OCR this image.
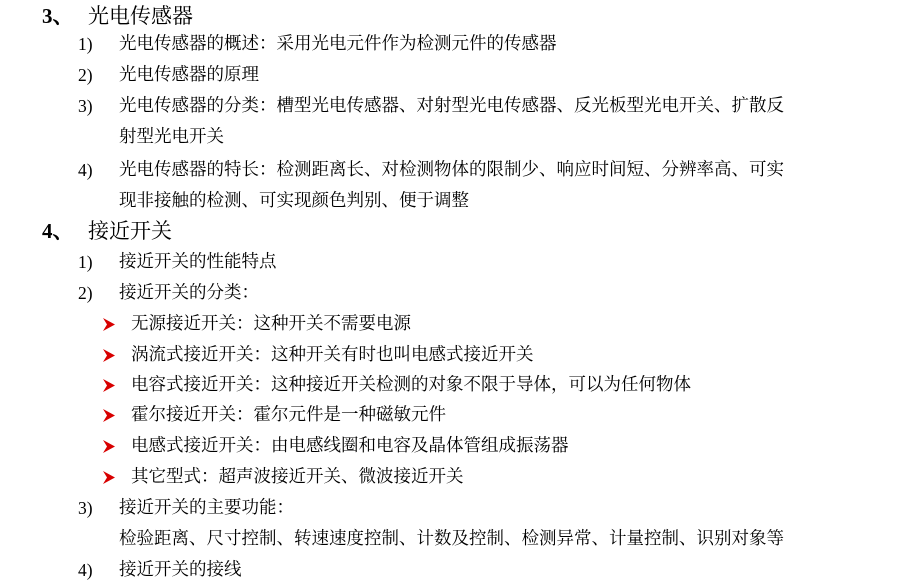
3、 光电传感器
1) 光电传感器的概述：采用光电元件作为检测元件的传感器
2) 光电传感器的原理
3) 光电传感器的分类：槽型光电传感器、对射型光电传感器、反光板型光电开关、扩散反
射型光电开关
4) 光电传感器的特长：检测距离长、对检测物体的限制少、响应时间短、分辨率高、可实
现非接触的检测、可实现颜色判别、便于调整
4、 接近开关
1) 接近开关的性能特点
2) 接近开关的分类：
无源接近开关：这种开关不需要电源
涡流式接近开关：这种开关有时也叫电感式接近开关
电容式接近开关：这种接近开关检测的对象不限于导体，可以为任何物体
霍尔接近开关：霍尔元件是一种磁敏元件
电感式接近开关：由电感线圈和电容及晶体管组成振荡器
其它型式：超声波接近开关、微波接近开关
3) 接近开关的主要功能：
检验距离、尺寸控制、转速速度控制、计数及控制、检测异常、计量控制、识别对象等
4) 接近开关的接线
